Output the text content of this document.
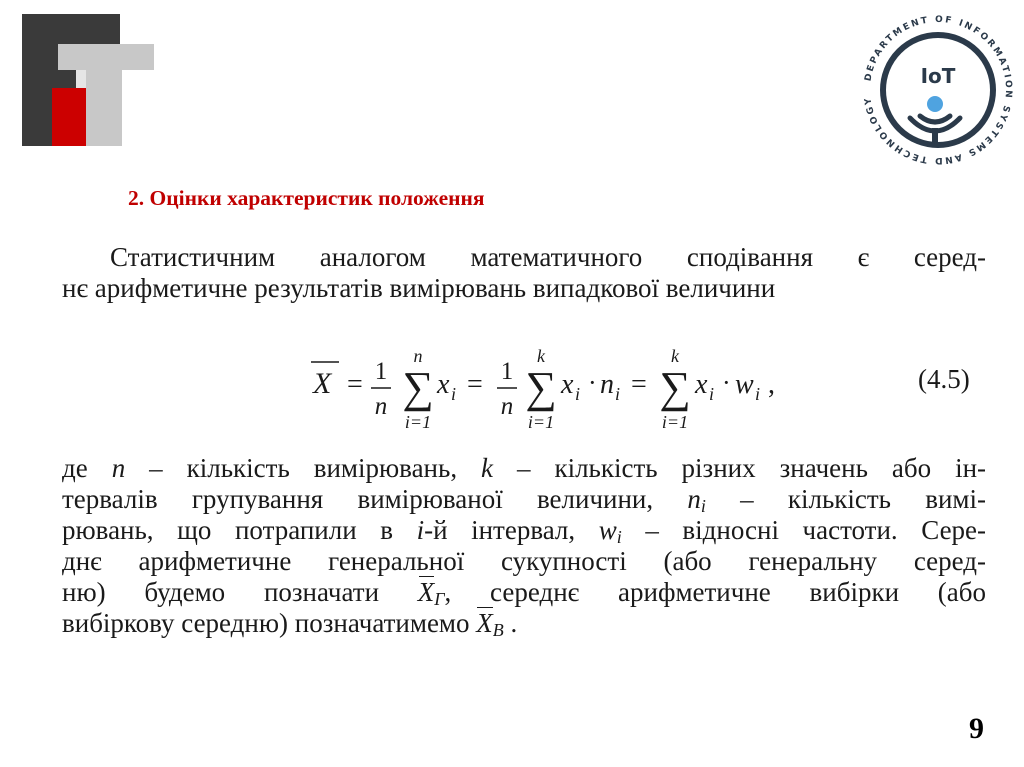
DEPARTMENT OF INFORMATION SYSTEMS AND TECHNOLOGY
IoT
2. Оцінки характеристик положення
Статистичним аналогом математичного сподівання є серед-
нє арифметичне результатів вимірювань випадкової величини
X = 1
n
n
∑
i=1
x i = 1
n
k
∑
i=1
x i · n i =
k
∑
i=1
x i · w i ,	(4.5)
де n – кількість вимірювань, k – кількість різних значень або ін-
тервалів групування вимірюваної величини, $n_i$ – кількість вимі-
рювань, що потрапили в i-й інтервал, $w_i$ – відносні частоти. Сере-
днє арифметичне генеральної сукупності (або генеральну серед-
ню) будемо позначати $X_Г$, середнє арифметичне вибірки (або
вибіркову середню) позначатимемо $X_B$ .
9
